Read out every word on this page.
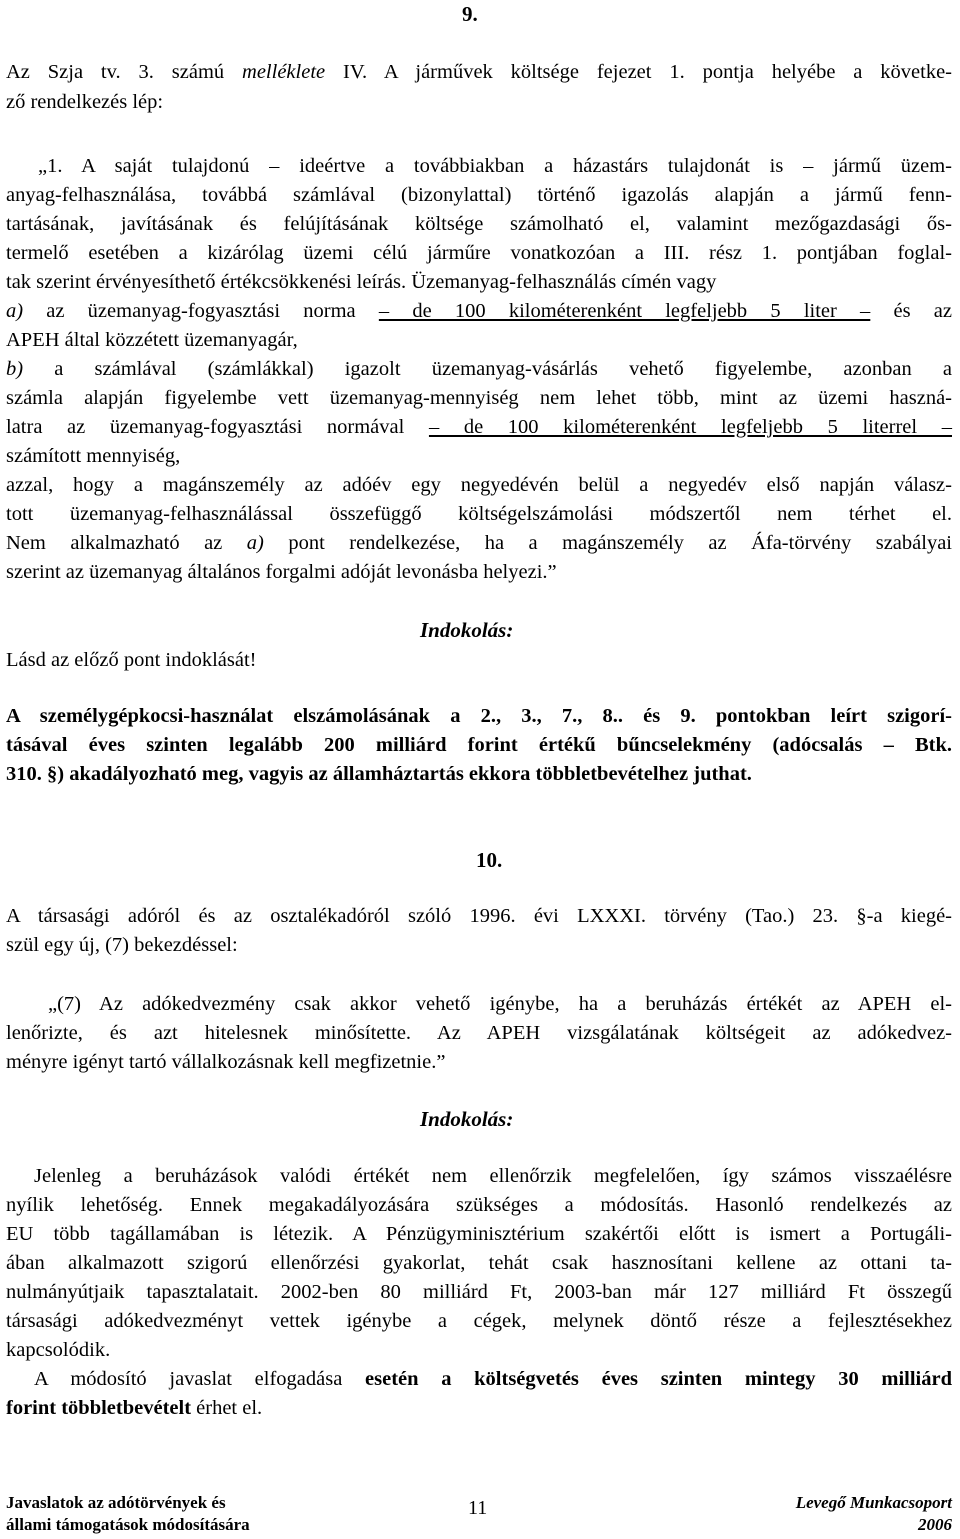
9.
Az Szja tv. 3. számú melléklete IV. A járművek költsége fejezet 1. pontja helyébe a követke-
ző rendelkezés lép:
„1. A saját tulajdonú – ideértve a továbbiakban a házastárs tulajdonát is – jármű üzem-
anyag-felhasználása, továbbá számlával (bizonylattal) történő igazolás alapján a jármű fenn-
tartásának, javításának és felújításának költsége számolható el, valamint mezőgazdasági ős-
termelő esetében a kizárólag üzemi célú járműre vonatkozóan a III. rész 1. pontjában foglal-
tak szerint érvényesíthető értékcsökkenési leírás. Üzemanyag-felhasználás címén vagy
a) az üzemanyag-fogyasztási norma – de 100 kilométerenként legfeljebb 5 liter – és az
APEH által közzétett üzemanyagár,
b) a számlával (számlákkal) igazolt üzemanyag-vásárlás vehető figyelembe, azonban a
számla alapján figyelembe vett üzemanyag-mennyiség nem lehet több, mint az üzemi haszná-
latra az üzemanyag-fogyasztási normával – de 100 kilométerenként legfeljebb 5 literrel –
számított mennyiség,
azzal, hogy a magánszemély az adóév egy negyedévén belül a negyedév első napján válasz-
tott üzemanyag-felhasználással összefüggő költségelszámolási módszertől nem térhet el.
Nem alkalmazható az a) pont rendelkezése, ha a magánszemély az Áfa-törvény szabályai
szerint az üzemanyag általános forgalmi adóját levonásba helyezi.”
Indokolás:
Lásd az előző pont indoklását!
A személygépkocsi-használat elszámolásának a 2., 3., 7., 8.. és 9. pontokban leírt szigorí-
tásával éves szinten legalább 200 milliárd forint értékű bűncselekmény (adócsalás – Btk.
310. §) akadályozható meg, vagyis az államháztartás ekkora többletbevételhez juthat.
10.
A társasági adóról és az osztalékadóról szóló 1996. évi LXXXI. törvény (Tao.) 23. §-a kiegé-
szül egy új, (7) bekezdéssel:
„(7) Az adókedvezmény csak akkor vehető igénybe, ha a beruházás értékét az APEH el-
lenőrizte, és azt hitelesnek minősítette. Az APEH vizsgálatának költségeit az adókedvez-
ményre igényt tartó vállalkozásnak kell megfizetnie.”
Indokolás:
Jelenleg a beruházások valódi értékét nem ellenőrzik megfelelően, így számos visszaélésre
nyílik lehetőség. Ennek megakadályozására szükséges a módosítás. Hasonló rendelkezés az
EU több tagállamában is létezik. A Pénzügyminisztérium szakértői előtt is ismert a Portugáli-
ában alkalmazott szigorú ellenőrzési gyakorlat, tehát csak hasznosítani kellene az ottani ta-
nulmányútjaik tapasztalatait. 2002-ben 80 milliárd Ft, 2003-ban már 127 milliárd Ft összegű
társasági adókedvezményt vettek igénybe a cégek, melynek döntő része a fejlesztésekhez
kapcsolódik.
A módosító javaslat elfogadása esetén a költségvetés éves szinten mintegy 30 milliárd
forint többletbevételt érhet el.
Javaslatok az adótörvények és
állami támogatások módosítására
11	Levegő Munkacsoport
2006
